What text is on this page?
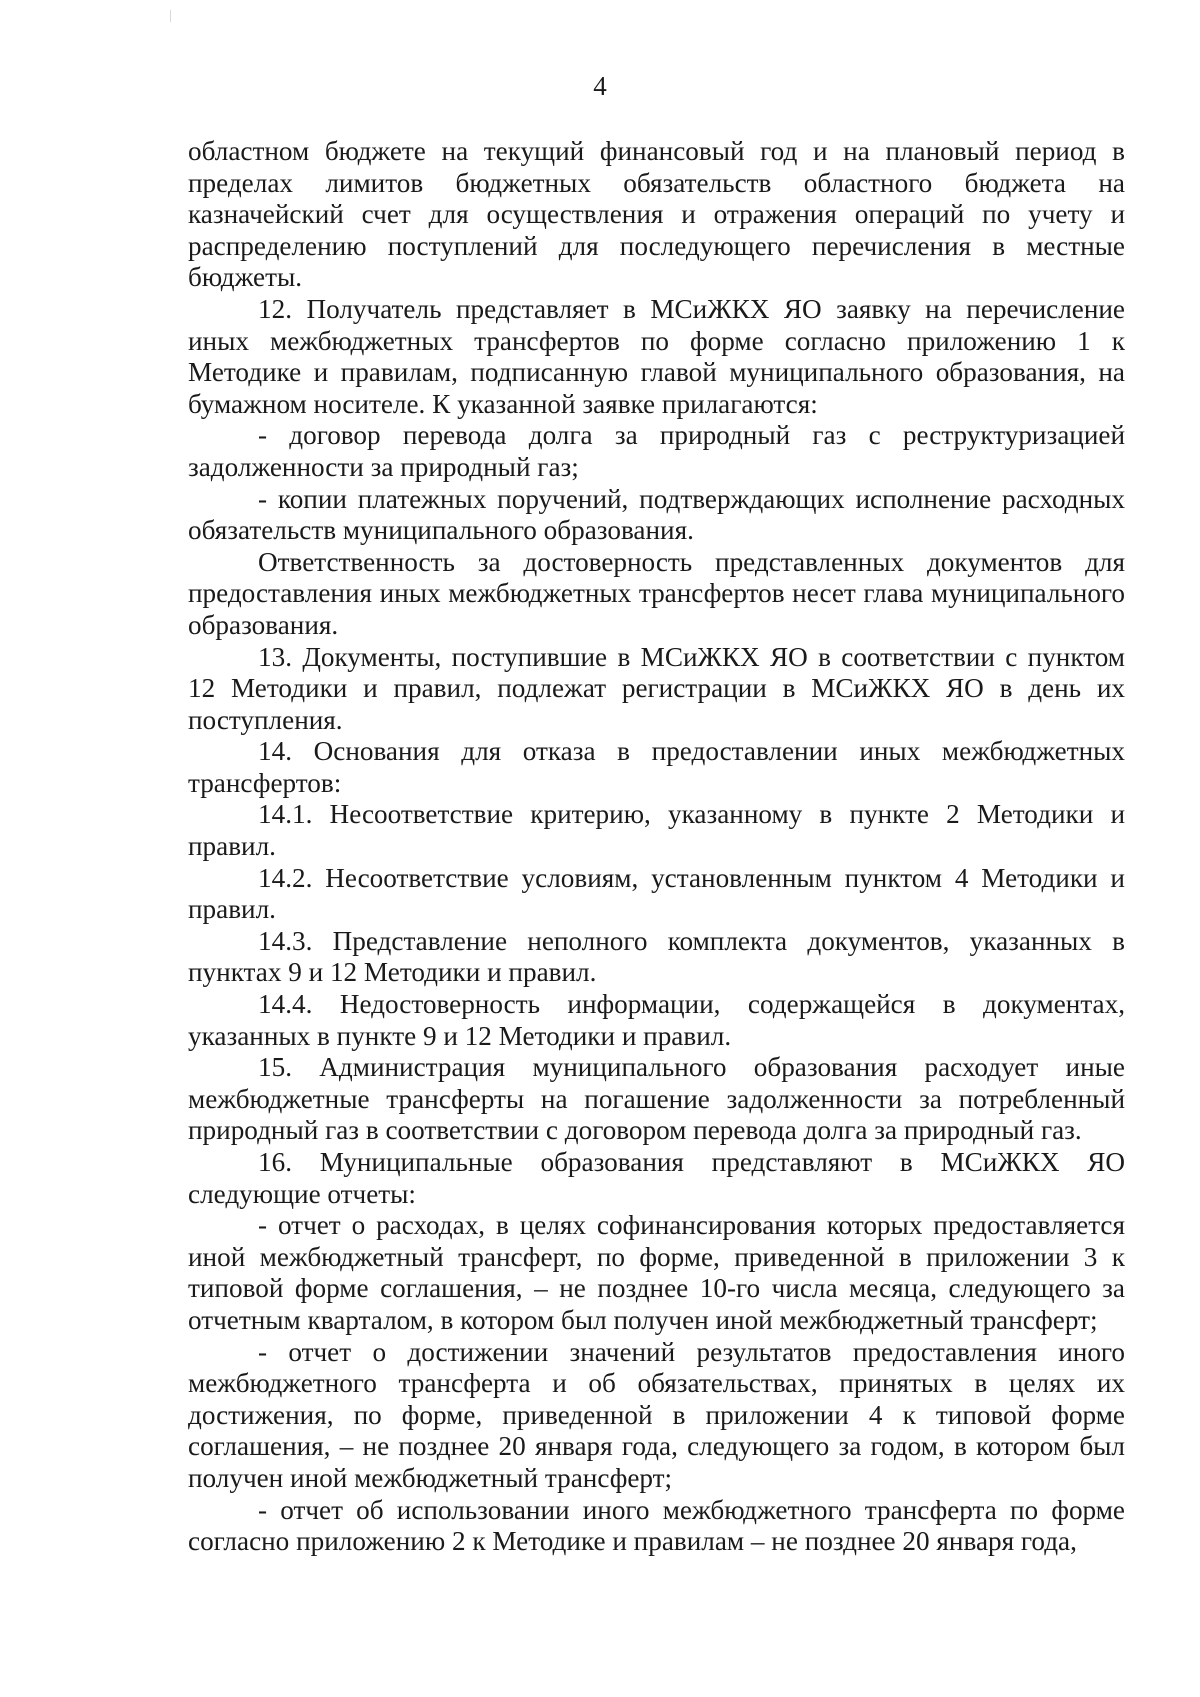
4

областном бюджете на текущий финансовый год и на плановый период в пределах лимитов бюджетных обязательств областного бюджета на казначейский счет для осуществления и отражения операций по учету и распределению поступлений для последующего перечисления в местные бюджеты.

12. Получатель представляет в МСиЖКХ ЯО заявку на перечисление иных межбюджетных трансфертов по форме согласно приложению 1 к Методике и правилам, подписанную главой муниципального образования, на бумажном носителе. К указанной заявке прилагаются:

- договор перевода долга за природный газ с реструктуризацией задолженности за природный газ;

- копии платежных поручений, подтверждающих исполнение расходных обязательств муниципального образования.

Ответственность за достоверность представленных документов для предоставления иных межбюджетных трансфертов несет глава муниципального образования.

13. Документы, поступившие в МСиЖКХ ЯО в соответствии с пунктом 12 Методики и правил, подлежат регистрации в МСиЖКХ ЯО в день их поступления.

14. Основания для отказа в предоставлении иных межбюджетных трансфертов:

14.1. Несоответствие критерию, указанному в пункте 2 Методики и правил.

14.2. Несоответствие условиям, установленным пунктом 4 Методики и правил.

14.3. Представление неполного комплекта документов, указанных в пунктах 9 и 12 Методики и правил.

14.4. Недостоверность информации, содержащейся в документах, указанных в пункте 9 и 12 Методики и правил.

15. Администрация муниципального образования расходует иные межбюджетные трансферты на погашение задолженности за потребленный природный газ в соответствии с договором перевода долга за природный газ.

16. Муниципальные образования представляют в МСиЖКХ ЯО следующие отчеты:

- отчет о расходах, в целях софинансирования которых предоставляется иной межбюджетный трансферт, по форме, приведенной в приложении 3 к типовой форме соглашения, – не позднее 10-го числа месяца, следующего за отчетным кварталом, в котором был получен иной межбюджетный трансферт;

- отчет о достижении значений результатов предоставления иного межбюджетного трансферта и об обязательствах, принятых в целях их достижения, по форме, приведенной в приложении 4 к типовой форме соглашения, – не позднее 20 января года, следующего за годом, в котором был получен иной межбюджетный трансферт;

- отчет об использовании иного межбюджетного трансферта по форме согласно приложению 2 к Методике и правилам – не позднее 20 января года,
